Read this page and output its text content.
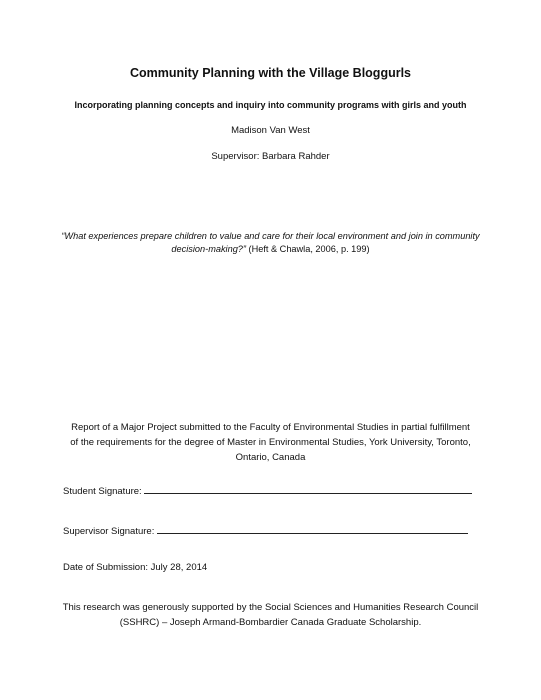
Community Planning with the Village Bloggurls
Incorporating planning concepts and inquiry into community programs with girls and youth
Madison Van West
Supervisor: Barbara Rahder
“What experiences prepare children to value and care for their local environment and join in community decision-making?” (Heft & Chawla, 2006, p. 199)
Report of a Major Project submitted to the Faculty of Environmental Studies in partial fulfillment of the requirements for the degree of Master in Environmental Studies, York University, Toronto, Ontario, Canada
Student Signature:
Supervisor Signature:
Date of Submission: July 28, 2014
This research was generously supported by the Social Sciences and Humanities Research Council (SSHRC) – Joseph Armand-Bombardier Canada Graduate Scholarship.
